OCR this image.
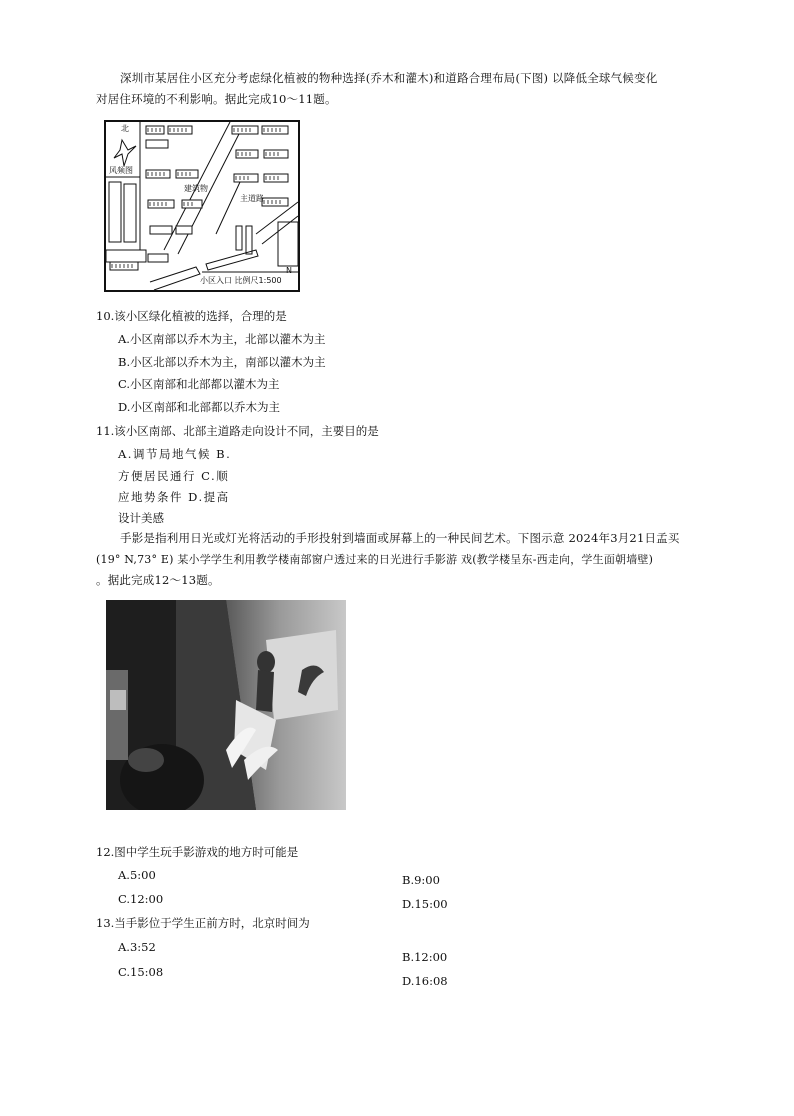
深圳市某居住小区充分考虑绿化植被的物种选择(乔木和灌木)和道路合理布局(下图) 以降低全球气候变化
对居住环境的不利影响。据此完成10～11题。
北
风频图
建筑物
主道路
小区入口 比例尺1:500
N
10.该小区绿化植被的选择，合理的是
A.小区南部以乔木为主，北部以灌木为主
B.小区北部以乔木为主，南部以灌木为主
C.小区南部和北部都以灌木为主
D.小区南部和北部都以乔木为主
11.该小区南部、北部主道路走向设计不同，主要目的是
A.调节局地气候 B.
方便居民通行 C.顺
应地势条件 D.提高
设计美感
手影是指利用日光或灯光将活动的手形投射到墙面或屏幕上的一种民间艺术。下图示意 2024年3月21日孟买
(19° N,73° E) 某小学学生利用教学楼南部窗户透过来的日光进行手影游 戏(教学楼呈东-西走向，学生面朝墙壁)
。据此完成12～13题。
12.图中学生玩手影游戏的地方时可能是
A.5:00	B.9:00
C.12:00	D.15:00
13.当手影位于学生正前方时，北京时间为
A.3:52
B.12:00
C.15:08
D.16:08
